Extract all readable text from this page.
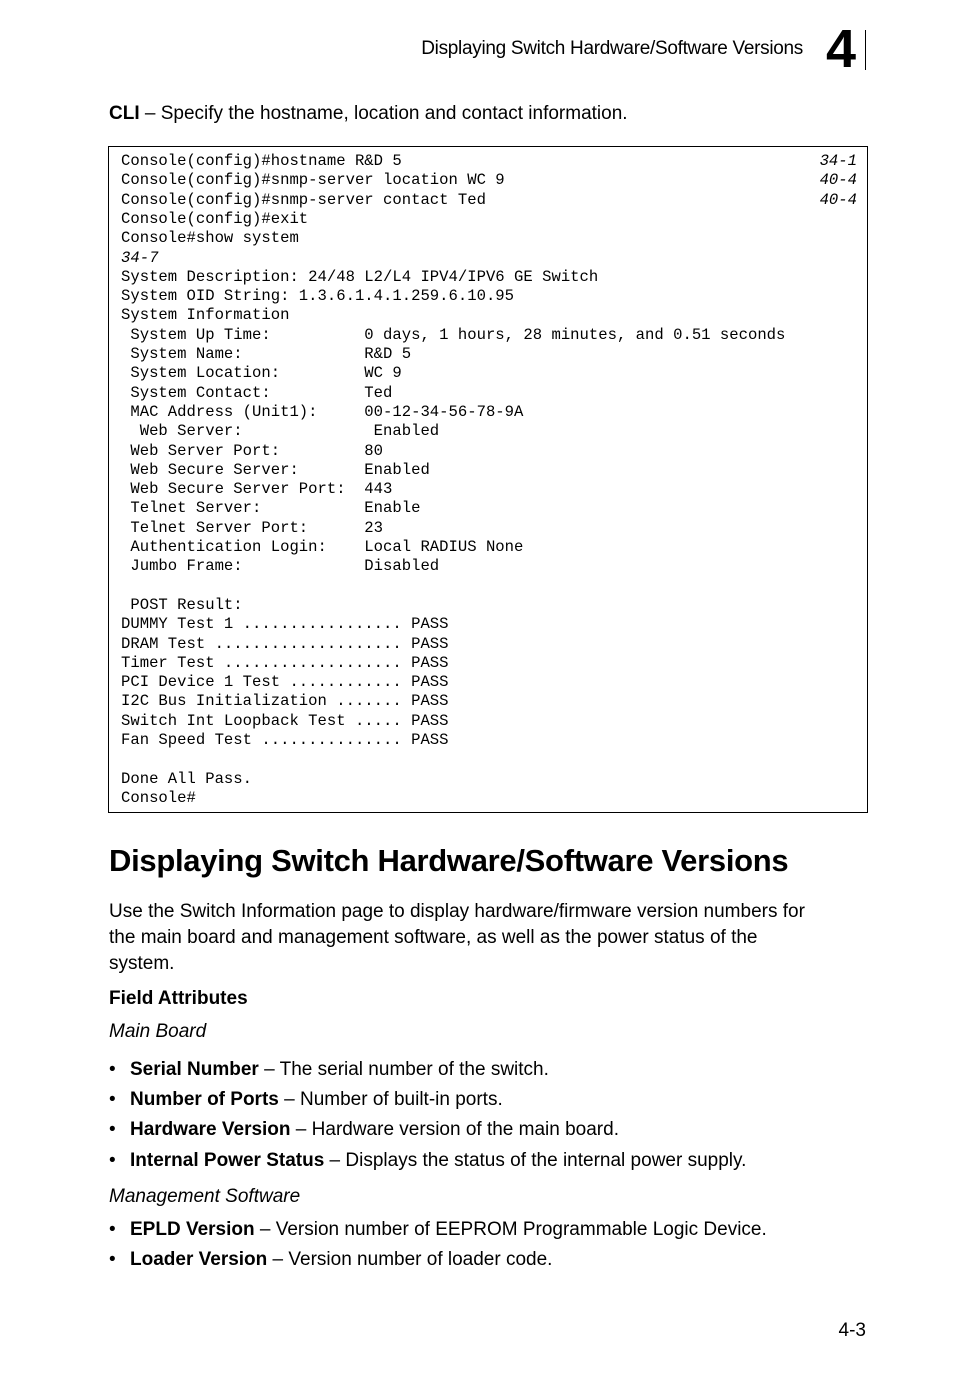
Displaying Switch Hardware/Software Versions 4
CLI – Specify the hostname, location and contact information.
Console(config)#hostname R&D 5	34-1
Console(config)#snmp-server location WC 9	40-4
Console(config)#snmp-server contact Ted	40-4
Console(config)#exit
Console#show system
34-7
System Description: 24/48 L2/L4 IPV4/IPV6 GE Switch
System OID String: 1.3.6.1.4.1.259.6.10.95
System Information
System Up Time:          0 days, 1 hours, 28 minutes, and 0.51 seconds
System Name:             R&D 5
System Location:         WC 9
System Contact:          Ted
MAC Address (Unit1):     00-12-34-56-78-9A
Web Server:              Enabled
Web Server Port:         80
Web Secure Server:       Enabled
Web Secure Server Port:  443
Telnet Server:           Enable
Telnet Server Port:      23
Authentication Login:    Local RADIUS None
Jumbo Frame:             Disabled
POST Result:
DUMMY Test 1 ................. PASS
DRAM Test .................... PASS
Timer Test ................... PASS
PCI Device 1 Test ............ PASS
I2C Bus Initialization ....... PASS
Switch Int Loopback Test ..... PASS
Fan Speed Test ............... PASS
Done All Pass.
Console#
Displaying Switch Hardware/Software Versions

Use the Switch Information page to display hardware/firmware version numbers for
the main board and management software, as well as the power status of the
system.

Field Attributes

Main Board

• Serial Number – The serial number of the switch.
• Number of Ports – Number of built-in ports.
• Hardware Version – Hardware version of the main board.
• Internal Power Status – Displays the status of the internal power supply.

Management Software

• EPLD Version – Version number of EEPROM Programmable Logic Device.
• Loader Version – Version number of loader code.
4-3
